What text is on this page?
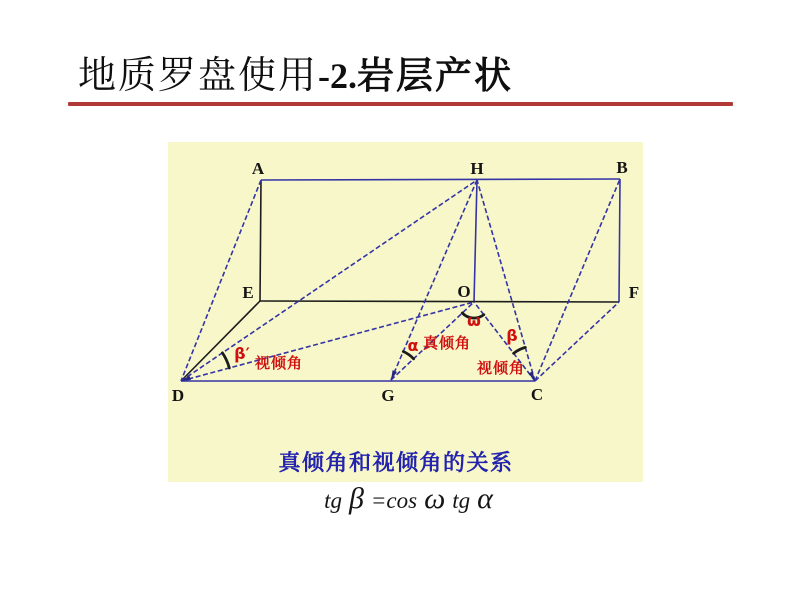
地质罗盘使用-2.岩层产状
A	H	B
E	O	F
D	G	C
β′ 视倾角
α 真倾角
ω
β
视倾角
真倾角和视倾角的关系
tg β =cos ω tg α
